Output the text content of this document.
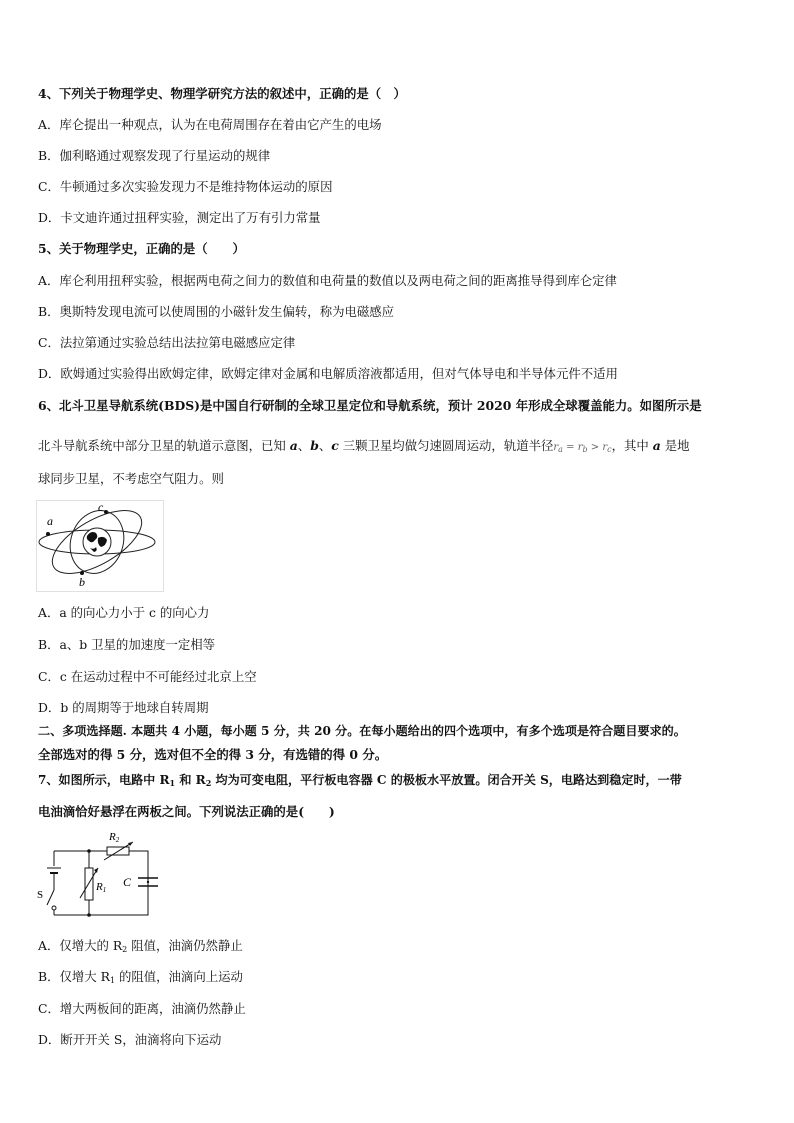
4、下列关于物理学史、物理学研究方法的叙述中，正确的是（　）
A．库仑提出一种观点，认为在电荷周围存在着由它产生的电场
B．伽利略通过观察发现了行星运动的规律
C．牛顿通过多次实验发现力不是维持物体运动的原因
D．卡文迪许通过扭秤实验，测定出了万有引力常量
5、关于物理学史，正确的是（　　）
A．库仑利用扭秤实验，根据两电荷之间力的数值和电荷量的数值以及两电荷之间的距离推导得到库仑定律
B．奥斯特发现电流可以使周围的小磁针发生偏转，称为电磁感应
C．法拉第通过实验总结出法拉第电磁感应定律
D．欧姆通过实验得出欧姆定律，欧姆定律对金属和电解质溶液都适用，但对气体导电和半导体元件不适用
6、北斗卫星导航系统(BDS)是中国自行研制的全球卫星定位和导航系统，预计 2020 年形成全球覆盖能力。如图所示是
北斗导航系统中部分卫星的轨道示意图，已知 a、b、c 三颗卫星均做匀速圆周运动，轨道半径$r_a = r_b > r_c$，其中 a 是地
球同步卫星，不考虑空气阻力。则
c
a
b
A．a 的向心力小于 c 的向心力
B．a、b 卫星的加速度一定相等
C．c 在运动过程中不可能经过北京上空
D．b 的周期等于地球自转周期
二、多项选择题. 本题共 4 小题，每小题 5 分，共 20 分。在每小题给出的四个选项中，有多个选项是符合题目要求的。
全部选对的得 5 分，选对但不全的得 3 分，有选错的得 0 分。
7、如图所示，电路中 $R_1$ 和 $R_2$ 均为可变电阻，平行板电容器 C 的极板水平放置。闭合开关 S，电路达到稳定时，一带
电油滴恰好悬浮在两板之间。下列说法正确的是(　　)
R2
R1
C
S
A．仅增大的 $R_2$ 阻值，油滴仍然静止
B．仅增大 $R_1$ 的阻值，油滴向上运动
C．增大两板间的距离，油滴仍然静止
D．断开开关 S，油滴将向下运动
